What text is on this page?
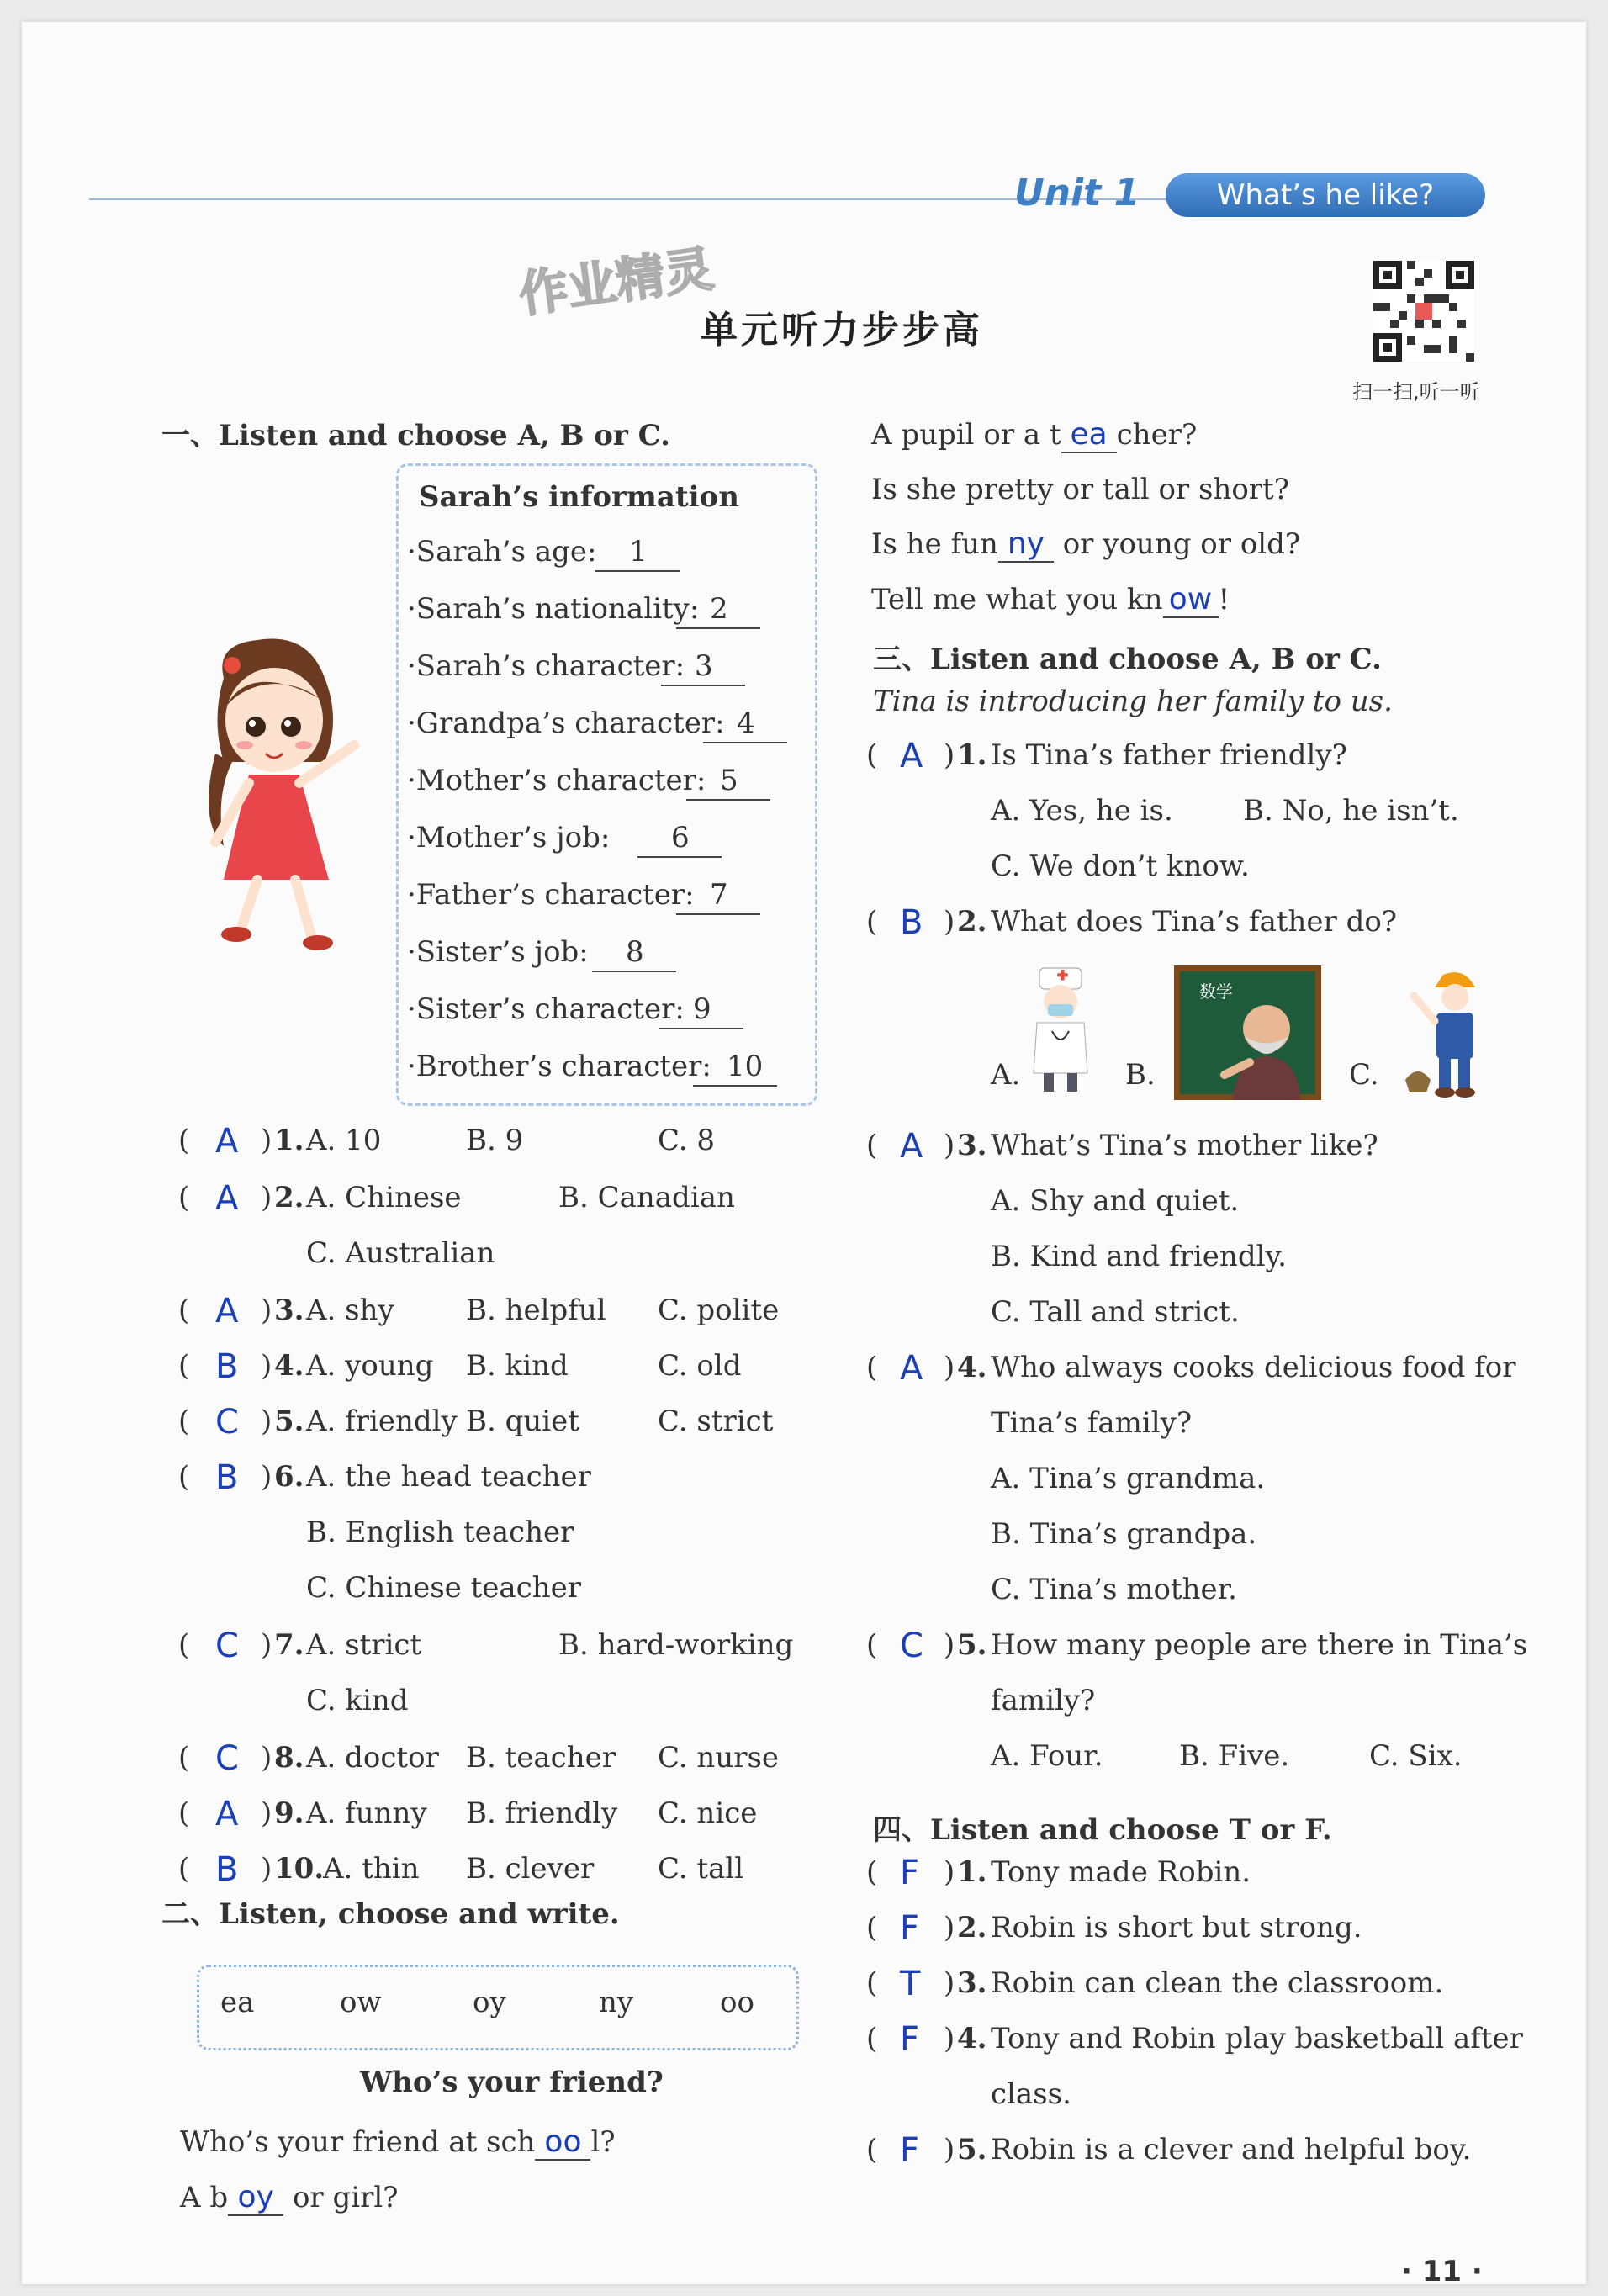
Unit 1	What’s he like?
作业精灵
单元听力步步高
扫一扫,听一听
一、Listen and choose A, B or C.
Sarah’s information
·Sarah’s age: 1
·Sarah’s nationality: 2
·Sarah’s character: 3
·Grandpa’s character: 4
·Mother’s character: 5
·Mother’s job: 6
·Father’s character: 7
·Sister’s job: 8
·Sister’s character: 9
·Brother’s character: 10
( A ) 1. A. 10	B. 9	C. 8
( A ) 2. A. Chinese	B. Canadian
C. Australian
( A ) 3. A. shy	B. helpful C. polite
( B ) 4. A. young B. kind	C. old
( C ) 5. A. friendly B. quiet	C. strict
( B ) 6. A. the head teacher
B. English teacher
C. Chinese teacher
( C ) 7. A. strict	B. hard-working
C. kind
( C ) 8. A. doctor B. teacher C. nurse
( A ) 9. A. funny B. friendly C. nice
( B ) 10.
A. thin B. clever C. tall
二、Listen, choose and write.
ea	ow	oy	ny	oo
Who’s your friend?
Who’s your friend at sch oo l?
A b oy or girl?
A pupil or a t ea cher?
Is she pretty or tall or short?
Is he fun ny or young or old?
Tell me what you kn ow !
三、Listen and choose A, B or C.
Tina is introducing her family to us.
( A ) 1. Is Tina’s father friendly?
A. Yes, he is. B. No, he isn’t.
C. We don’t know.
( B ) 2. What does Tina’s father do?
A.	B.	C.
( A ) 3. What’s Tina’s mother like?
A. Shy and quiet.
B. Kind and friendly.
C. Tall and strict.
( A ) 4. Who always cooks delicious food for
Tina’s family?
A. Tina’s grandma.
B. Tina’s grandpa.
C. Tina’s mother.
( C ) 5. How many people are there in Tina’s
family?
A. Four.	B. Five.	C. Six.
数学
四、Listen and choose T or F.
( F ) 1. Tony made Robin.
( F ) 2. Robin is short but strong.
( T ) 3. Robin can clean the classroom.
( F ) 4. Tony and Robin play basketball after
class.
( F ) 5. Robin is a clever and helpful boy.
· 11 ·
